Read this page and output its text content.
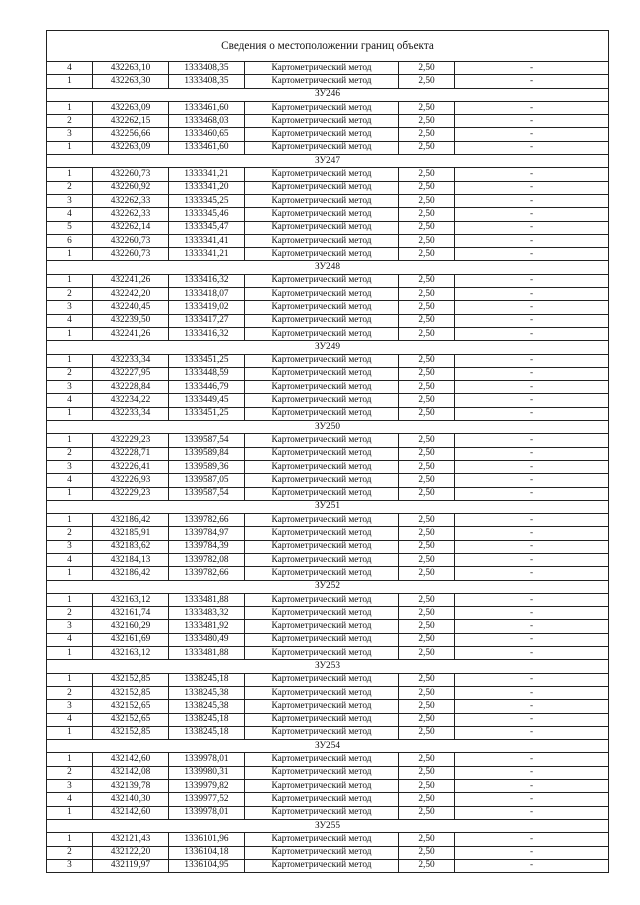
Сведения о местоположении границ объекта					
4	432263,10	1333408,35	Картометрический метод	2,50	-
1	432263,30	1333408,35	Картометрический метод	2,50	-
ЗУ246					
1	432263,09	1333461,60	Картометрический метод	2,50	-
2	432262,15	1333468,03	Картометрический метод	2,50	-
3	432256,66	1333460,65	Картометрический метод	2,50	-
1	432263,09	1333461,60	Картометрический метод	2,50	-
ЗУ247					
1	432260,73	1333341,21	Картометрический метод	2,50	-
2	432260,92	1333341,20	Картометрический метод	2,50	-
3	432262,33	1333345,25	Картометрический метод	2,50	-
4	432262,33	1333345,46	Картометрический метод	2,50	-
5	432262,14	1333345,47	Картометрический метод	2,50	-
6	432260,73	1333341,41	Картометрический метод	2,50	-
1	432260,73	1333341,21	Картометрический метод	2,50	-
ЗУ248					
1	432241,26	1333416,32	Картометрический метод	2,50	-
2	432242,20	1333418,07	Картометрический метод	2,50	-
3	432240,45	1333419,02	Картометрический метод	2,50	-
4	432239,50	1333417,27	Картометрический метод	2,50	-
1	432241,26	1333416,32	Картометрический метод	2,50	-
ЗУ249					
1	432233,34	1333451,25	Картометрический метод	2,50	-
2	432227,95	1333448,59	Картометрический метод	2,50	-
3	432228,84	1333446,79	Картометрический метод	2,50	-
4	432234,22	1333449,45	Картометрический метод	2,50	-
1	432233,34	1333451,25	Картометрический метод	2,50	-
ЗУ250					
1	432229,23	1339587,54	Картометрический метод	2,50	-
2	432228,71	1339589,84	Картометрический метод	2,50	-
3	432226,41	1339589,36	Картометрический метод	2,50	-
4	432226,93	1339587,05	Картометрический метод	2,50	-
1	432229,23	1339587,54	Картометрический метод	2,50	-
ЗУ251					
1	432186,42	1339782,66	Картометрический метод	2,50	-
2	432185,91	1339784,97	Картометрический метод	2,50	-
3	432183,62	1339784,39	Картометрический метод	2,50	-
4	432184,13	1339782,08	Картометрический метод	2,50	-
1	432186,42	1339782,66	Картометрический метод	2,50	-
ЗУ252					
1	432163,12	1333481,88	Картометрический метод	2,50	-
2	432161,74	1333483,32	Картометрический метод	2,50	-
3	432160,29	1333481,92	Картометрический метод	2,50	-
4	432161,69	1333480,49	Картометрический метод	2,50	-
1	432163,12	1333481,88	Картометрический метод	2,50	-
ЗУ253					
1	432152,85	1338245,18	Картометрический метод	2,50	-
2	432152,85	1338245,38	Картометрический метод	2,50	-
3	432152,65	1338245,38	Картометрический метод	2,50	-
4	432152,65	1338245,18	Картометрический метод	2,50	-
1	432152,85	1338245,18	Картометрический метод	2,50	-
ЗУ254					
1	432142,60	1339978,01	Картометрический метод	2,50	-
2	432142,08	1339980,31	Картометрический метод	2,50	-
3	432139,78	1339979,82	Картометрический метод	2,50	-
4	432140,30	1339977,52	Картометрический метод	2,50	-
1	432142,60	1339978,01	Картометрический метод	2,50	-
ЗУ255					
1	432121,43	1336101,96	Картометрический метод	2,50	-
2	432122,20	1336104,18	Картометрический метод	2,50	-
3	432119,97	1336104,95	Картометрический метод	2,50	-
